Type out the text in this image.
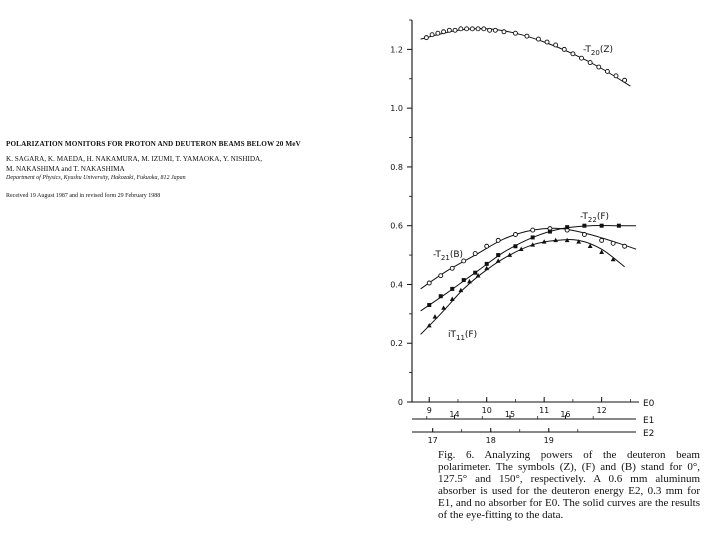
POLARIZATION MONITORS FOR PROTON AND DEUTERON BEAMS BELOW 20 MeV
K. SAGARA, K. MAEDA, H. NAKAMURA, M. IZUMI, T. YAMAOKA, Y. NISHIDA,
M. NAKASHIMA and T. NAKASHIMA
Department of Physics, Kyushu University, Hakozaki, Fukuoka, 812 Japan
Received 19 August 1987 and in revised form 29 February 1988
0
0.2
0.4
0.6
0.8
1.0
1.2
9	10	11	12
E0
14	15	16
E1
17	18	19
E2
$-T_{20}(Z)$
$-T_{21}(B)$
$-T_{22}(F)$
$iT_{11}(F)$
Fig. 6. Analyzing powers of the deuteron beam polarimeter. The symbols (Z), (F) and (B) stand for 0°, 127.5° and 150°, respectively. A 0.6 mm aluminum absorber is used for the deuteron energy E2, 0.3 mm for E1, and no absorber for E0. The solid curves are the results of the eye-fitting to the data.
